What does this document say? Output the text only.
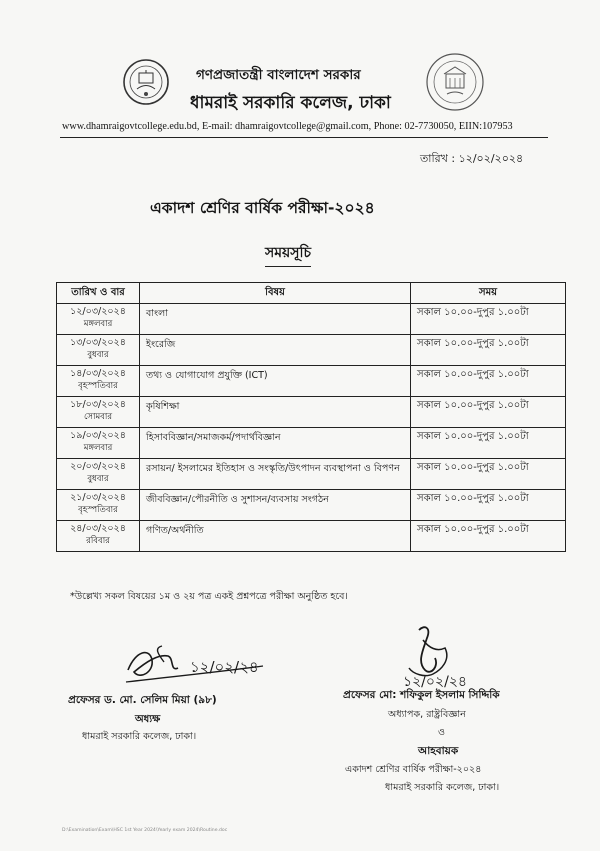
গণপ্রজাতন্ত্রী বাংলাদেশ সরকার
ধামরাই সরকারি কলেজ, ঢাকা
www.dhamraigovtcollege.edu.bd, E-mail: dhamraigovtcollege@gmail.com, Phone: 02-7730050, EIIN:107953
তারিখ : ১২/০২/২০২৪
একাদশ শ্রেণির বার্ষিক পরীক্ষা-২০২৪
সময়সূচি
তারিখ ও বার	বিষয়	সময়

১২/০৩/২০২৪
মঙ্গলবার	বাংলা	সকাল ১০.০০-দুপুর ১.০০টা

১৩/০৩/২০২৪
বুধবার	ইংরেজি	সকাল ১০.০০-দুপুর ১.০০টা

১৪/০৩/২০২৪
বৃহস্পতিবার	তথ্য ও যোগাযোগ প্রযুক্তি (ICT)	সকাল ১০.০০-দুপুর ১.০০টা

১৮/০৩/২০২৪
সোমবার	কৃষিশিক্ষা	সকাল ১০.০০-দুপুর ১.০০টা

১৯/০৩/২০২৪
মঙ্গলবার	হিসাববিজ্ঞান/সমাজকর্ম/পদার্থবিজ্ঞান	সকাল ১০.০০-দুপুর ১.০০টা

২০/০৩/২০২৪
বুধবার	রসায়ন/ ইসলামের ইতিহাস ও সংস্কৃতি/উৎপাদন ব্যবস্থাপনা ও বিপণন	সকাল ১০.০০-দুপুর ১.০০টা

২১/০৩/২০২৪
বৃহস্পতিবার	জীববিজ্ঞান/পৌরনীতি ও সুশাসন/ব্যবসায় সংগঠন	সকাল ১০.০০-দুপুর ১.০০টা

২৪/০৩/২০২৪
রবিবার	গণিত/অর্থনীতি	সকাল ১০.০০-দুপুর ১.০০টা
*উল্লেখ্য সকল বিষয়ের ১ম ও ২য় পত্র একই প্রশ্নপত্রে পরীক্ষা অনুষ্ঠিত হবে।
১২/০২/২৪
১২/০২/২৪
প্রফেসর ড. মো. সেলিম মিয়া (৯৮)
অধ্যক্ষ
ধামরাই সরকারি কলেজ, ঢাকা।
প্রফেসর মো: শফিকুল ইসলাম সিদ্দিকি
অধ্যাপক, রাষ্ট্রবিজ্ঞান
ও
আহবায়ক
একাদশ শ্রেণির বার্ষিক পরীক্ষা-২০২৪
ধামরাই সরকারি কলেজ, ঢাকা।
D:\Examination\Exam\HSC 1st Year 2024\Yearly exam 2024\Routine.doc
